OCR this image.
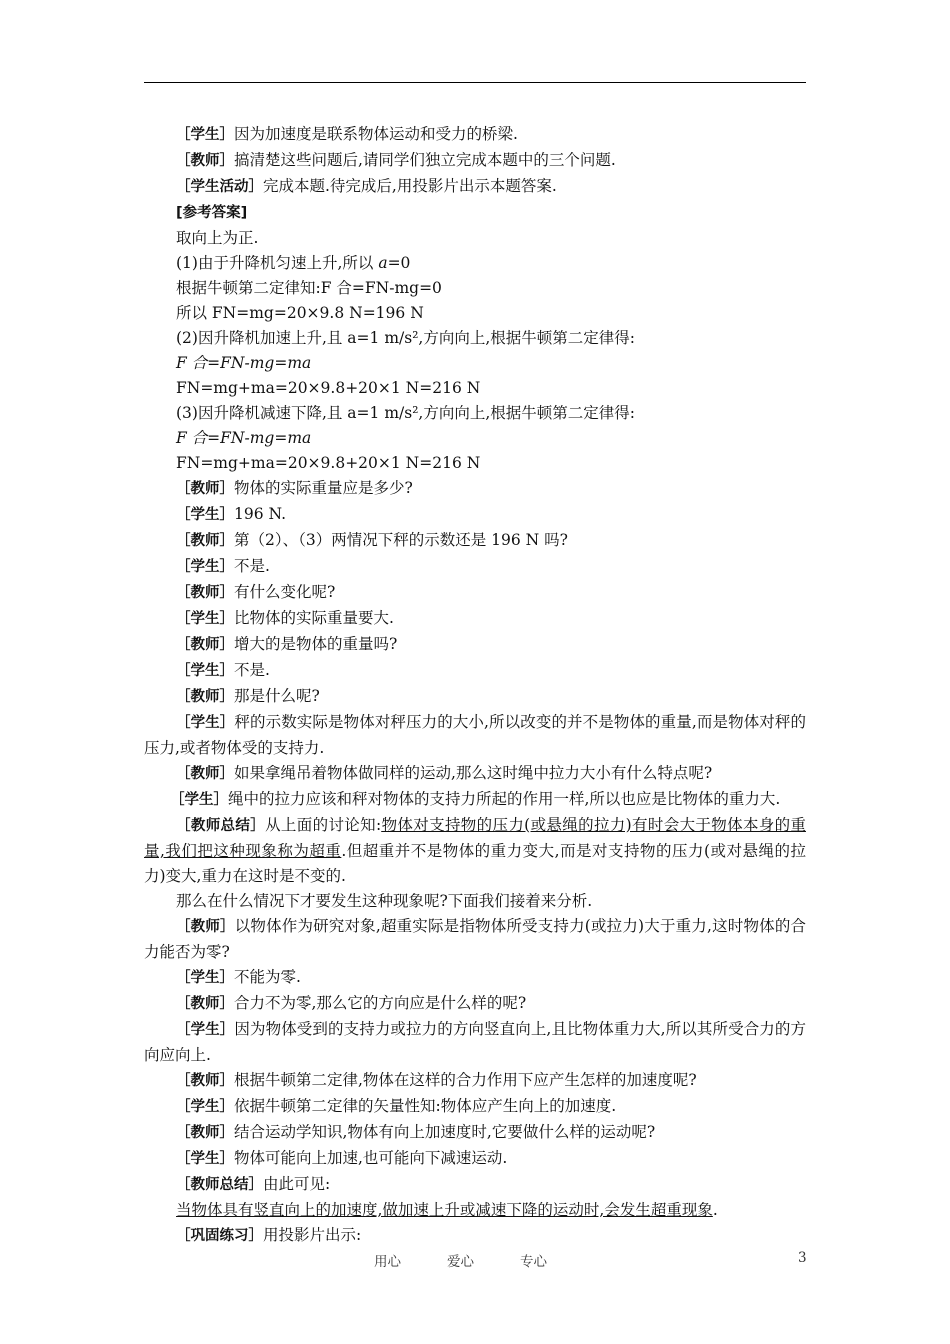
［学生］因为加速度是联系物体运动和受力的桥梁.

［教师］搞清楚这些问题后,请同学们独立完成本题中的三个问题.

［学生活动］完成本题.待完成后,用投影片出示本题答案.

[参考答案]

取向上为正.

(1)由于升降机匀速上升,所以 a=0

根据牛顿第二定律知:F 合=FN-mg=0

所以 FN=mg=20×9.8 N=196 N

(2)因升降机加速上升,且 a=1 m/s²,方向向上,根据牛顿第二定律得:

F 合=FN-mg=ma

FN=mg+ma=20×9.8+20×1 N=216 N

(3)因升降机减速下降,且 a=1 m/s²,方向向上,根据牛顿第二定律得:

F 合=FN-mg=ma

FN=mg+ma=20×9.8+20×1 N=216 N

［教师］物体的实际重量应是多少?

［学生］196 N.

［教师］第（2）、（3）两情况下秤的示数还是 196 N 吗?

［学生］不是.

［教师］有什么变化呢?

［学生］比物体的实际重量要大.

［教师］增大的是物体的重量吗?

［学生］不是.

［教师］那是什么呢?

［学生］秤的示数实际是物体对秤压力的大小,所以改变的并不是物体的重量,而是物体对秤的压力,或者物体受的支持力.

［教师］如果拿绳吊着物体做同样的运动,那么这时绳中拉力大小有什么特点呢?

［学生］绳中的拉力应该和秤对物体的支持力所起的作用一样,所以也应是比物体的重力大.

［教师总结］从上面的讨论知:物体对支持物的压力(或悬绳的拉力)有时会大于物体本身的重量,我们把这种现象称为超重.但超重并不是物体的重力变大,而是对支持物的压力(或对悬绳的拉力)变大,重力在这时是不变的.

那么在什么情况下才要发生这种现象呢?下面我们接着来分析.

［教师］以物体作为研究对象,超重实际是指物体所受支持力(或拉力)大于重力,这时物体的合力能否为零?

［学生］不能为零.

［教师］合力不为零,那么它的方向应是什么样的呢?

［学生］因为物体受到的支持力或拉力的方向竖直向上,且比物体重力大,所以其所受合力的方向应向上.

［教师］根据牛顿第二定律,物体在这样的合力作用下应产生怎样的加速度呢?

［学生］依据牛顿第二定律的矢量性知:物体应产生向上的加速度.

［教师］结合运动学知识,物体有向上加速度时,它要做什么样的运动呢?

［学生］物体可能向上加速,也可能向下减速运动.

［教师总结］由此可见:

当物体具有竖直向上的加速度,做加速上升或减速下降的运动时,会发生超重现象.

［巩固练习］用投影片出示:

用心	爱心	专心	3
